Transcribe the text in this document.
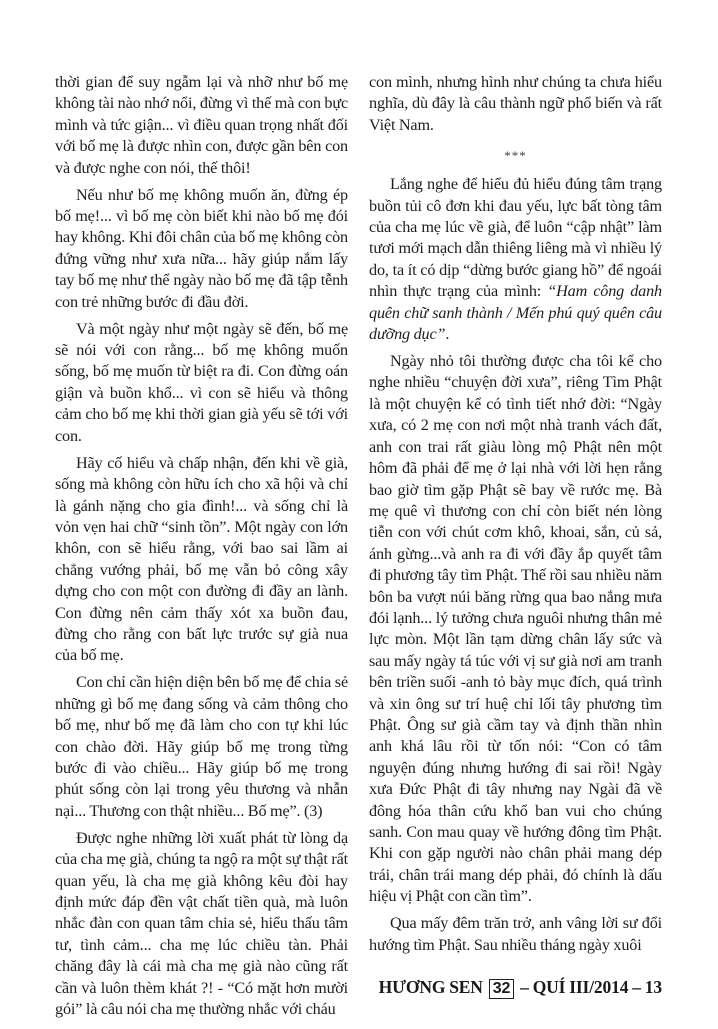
thời gian để suy ngẫm lại và nhỡ như bố mẹ không tài nào nhớ nổi, đừng vì thế mà con bực mình và tức giận... vì điều quan trọng nhất đối với bố mẹ là được nhìn con, được gần bên con và được nghe con nói, thế thôi!

Nếu như bố mẹ không muốn ăn, đừng ép bố mẹ!... vì bố mẹ còn biết khi nào bố mẹ đói hay không. Khi đôi chân của bố mẹ không còn đứng vững như xưa nữa... hãy giúp nắm lấy tay bố mẹ như thể ngày nào bố mẹ đã tập tễnh con trẻ những bước đi đầu đời.

Và một ngày như một ngày sẽ đến, bố mẹ sẽ nói với con rằng... bố mẹ không muốn sống, bố mẹ muốn từ biệt ra đi. Con đừng oán giận và buồn khổ... vì con sẽ hiểu và thông cảm cho bố mẹ khi thời gian già yếu sẽ tới với con.

Hãy cố hiểu và chấp nhận, đến khi về già, sống mà không còn hữu ích cho xã hội và chỉ là gánh nặng cho gia đình!... và sống chỉ là vỏn vẹn hai chữ “sinh tồn”. Một ngày con lớn khôn, con sẽ hiểu rằng, với bao sai lầm ai chẳng vướng phải, bố mẹ vẫn bỏ công xây dựng cho con một con đường đi đầy an lành. Con đừng nên cảm thấy xót xa buồn đau, đừng cho rằng con bất lực trước sự già nua của bố mẹ.

Con chỉ cần hiện diện bên bố mẹ để chia sẻ những gì bố mẹ đang sống và cảm thông cho bố mẹ, như bố mẹ đã làm cho con tự khi lúc con chào đời. Hãy giúp bố mẹ trong từng bước đi vào chiều... Hãy giúp bố mẹ trong phút sống còn lại trong yêu thương và nhẫn nại... Thương con thật nhiều... Bố mẹ”. (3)

Được nghe những lời xuất phát từ lòng dạ của cha mẹ già, chúng ta ngộ ra một sự thật rất quan yếu, là cha mẹ già không kêu đòi hay định mức đáp đền vật chất tiền quà, mà luôn nhắc đàn con quan tâm chia sẻ, hiểu thấu tâm tư, tình cảm... cha mẹ lúc chiều tàn. Phải chăng đây là cái mà cha mẹ già nào cũng rất cần và luôn thèm khát ?! - “Có mặt hơn mười gói” là câu nói cha mẹ thường nhắc với cháu

con mình, nhưng hình như chúng ta chưa hiểu nghĩa, dù đây là câu thành ngữ phổ biến và rất Việt Nam.

***

Lắng nghe để hiểu đủ hiểu đúng tâm trạng buồn tủi cô đơn khi đau yếu, lực bất tòng tâm của cha mẹ lúc về già, để luôn “cập nhật” làm tươi mới mạch dẫn thiêng liêng mà vì nhiều lý do, ta ít có dịp “dừng bước giang hồ” để ngoái nhìn thực trạng của mình: “Ham công danh quên chữ sanh thành / Mến phú quý quên câu dưỡng dục”.

Ngày nhỏ tôi thường được cha tôi kể cho nghe nhiều “chuyện đời xưa”, riêng Tìm Phật là một chuyện kể có tình tiết nhớ đời: “Ngày xưa, có 2 mẹ con nơi một nhà tranh vách đất, anh con trai rất giàu lòng mộ Phật nên một hôm đã phải để mẹ ở lại nhà với lời hẹn rằng bao giờ tìm gặp Phật sẽ bay về rước mẹ. Bà mẹ quê vì thương con chỉ còn biết nén lòng tiễn con với chút cơm khô, khoai, sắn, củ sả, ánh gừng...và anh ra đi với đầy ắp quyết tâm đi phương tây tìm Phật. Thế rồi sau nhiều năm bôn ba vượt núi băng rừng qua bao nắng mưa đói lạnh... lý tưởng chưa nguôi nhưng thân mẻ lực mòn. Một lần tạm dừng chân lấy sức và sau mấy ngày tá túc với vị sư già nơi am tranh bên triền suối -anh tỏ bày mục đích, quá trình và xin ông sư trí huệ chỉ lối tây phương tìm Phật. Ông sư già cầm tay và định thần nhìn anh khá lâu rồi từ tốn nói: “Con có tâm nguyện đúng nhưng hướng đi sai rồi! Ngày xưa Đức Phật đi tây nhưng nay Ngài đã về đông hóa thân cứu khổ ban vui cho chúng sanh. Con mau quay về hướng đông tìm Phật. Khi con gặp người nào chân phải mang dép trái, chân trái mang dép phải, đó chính là dấu hiệu vị Phật con cần tìm”.

Qua mấy đêm trăn trở, anh vâng lời sư đổi hướng tìm Phật. Sau nhiều tháng ngày xuôi

HƯƠNG SEN 32 – QUÍ III/2014 – 13
